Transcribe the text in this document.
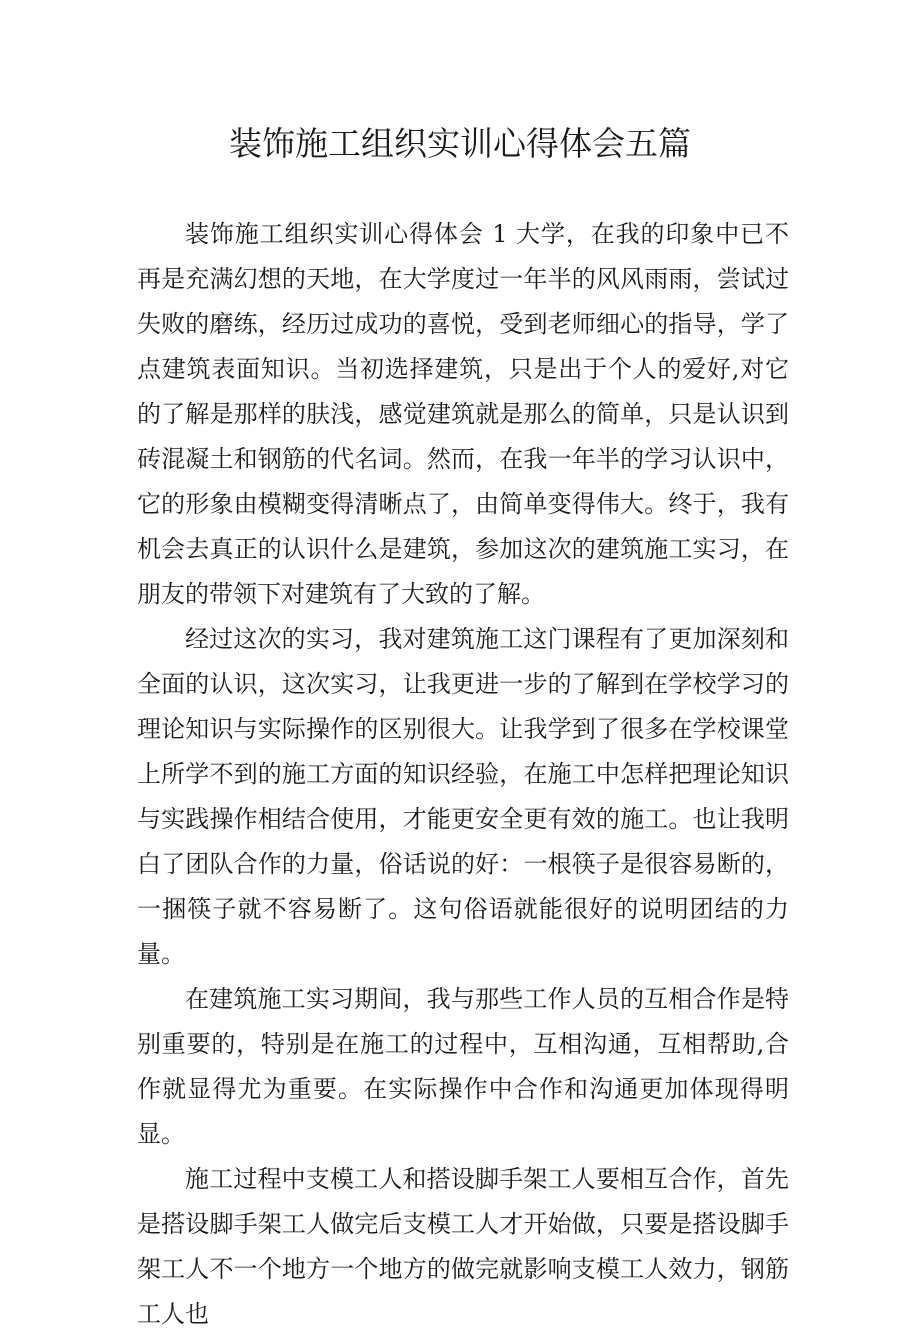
装饰施工组织实训心得体会五篇

装饰施工组织实训心得体会 1 大学，在我的印象中已不再是充满幻想的天地，在大学度过一年半的风风雨雨，尝试过失败的磨练，经历过成功的喜悦，受到老师细心的指导，学了点建筑表面知识。当初选择建筑，只是出于个人的爱好,对它的了解是那样的肤浅，感觉建筑就是那么的简单，只是认识到砖混凝土和钢筋的代名词。然而，在我一年半的学习认识中，它的形象由模糊变得清晰点了，由简单变得伟大。终于，我有机会去真正的认识什么是建筑，参加这次的建筑施工实习，在朋友的带领下对建筑有了大致的了解。

经过这次的实习，我对建筑施工这门课程有了更加深刻和全面的认识，这次实习，让我更进一步的了解到在学校学习的理论知识与实际操作的区别很大。让我学到了很多在学校课堂上所学不到的施工方面的知识经验，在施工中怎样把理论知识与实践操作相结合使用，才能更安全更有效的施工。也让我明白了团队合作的力量，俗话说的好：一根筷子是很容易断的，一捆筷子就不容易断了。这句俗语就能很好的说明团结的力量。

在建筑施工实习期间，我与那些工作人员的互相合作是特别重要的，特别是在施工的过程中，互相沟通，互相帮助,合作就显得尤为重要。在实际操作中合作和沟通更加体现得明显。

施工过程中支模工人和搭设脚手架工人要相互合作，首先是搭设脚手架工人做完后支模工人才开始做，只要是搭设脚手架工人不一个地方一个地方的做完就影响支模工人效力，钢筋工人也
